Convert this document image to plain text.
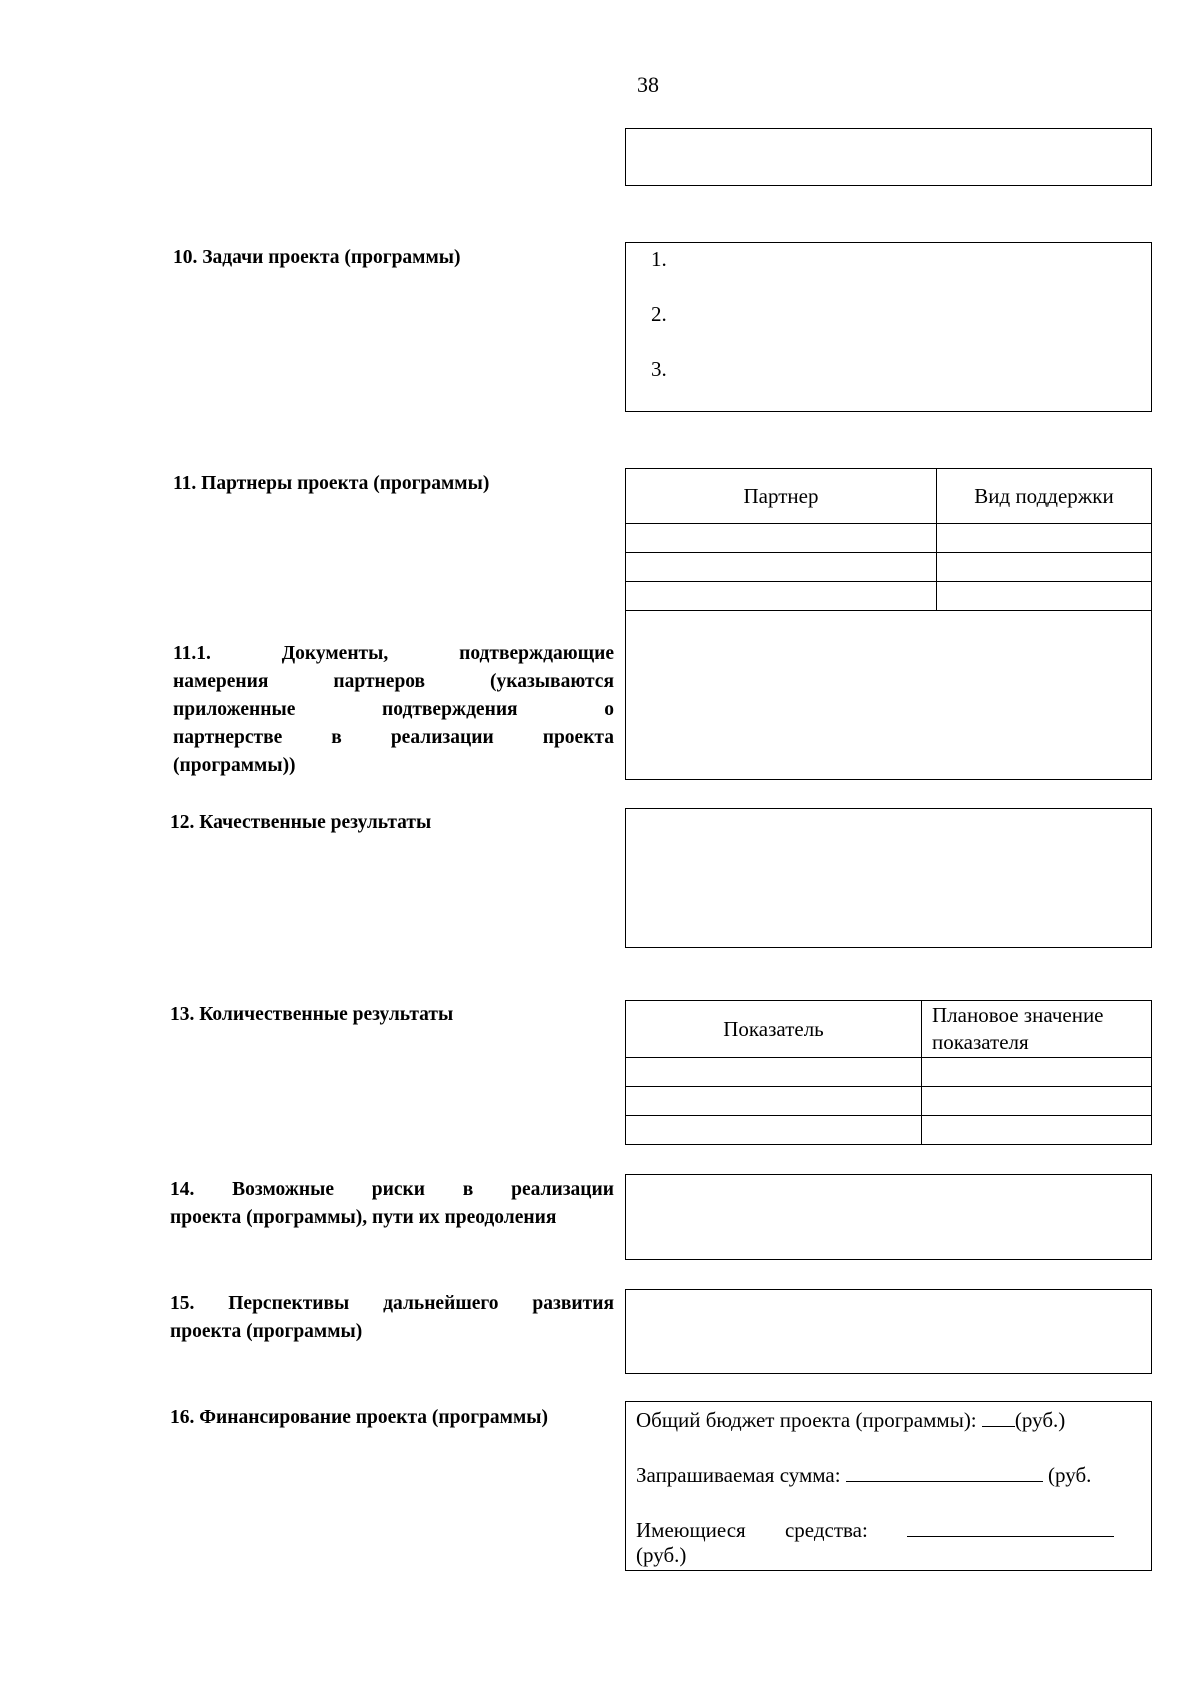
38
10. Задачи проекта (программы)	1.
2.
3.
11. Партнеры проекта (программы)	Партнер	Вид поддержки

11.1. Документы, подтверждающие
намерения партнеров (указываются
приложенные подтверждения о
партнерстве в реализации проекта
(программы))
12. Качественные результаты
13. Количественные результаты
Показатель	Плановое значение показателя

14. Возможные риски в реализации
проекта (программы), пути их преодоления
15. Перспективы дальнейшего развития
проекта (программы)
16. Финансирование проекта (программы)	Общий бюджет проекта (программы): (руб.)
Запрашиваемая сумма:	(руб.
Имеющиеся средства:
(руб.)
